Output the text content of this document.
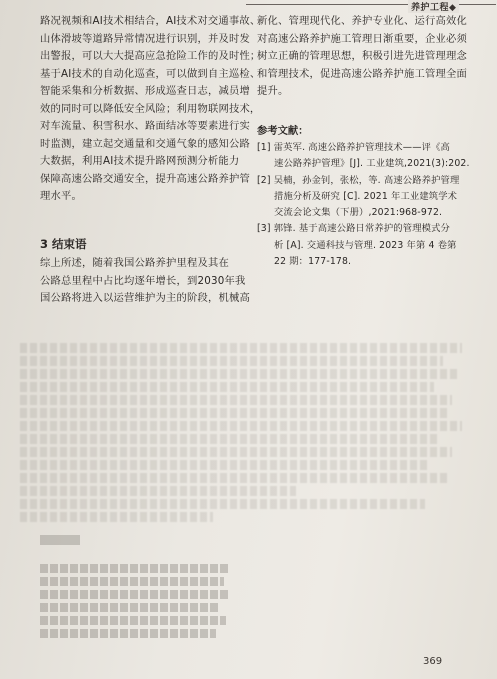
养护工程◆

路况视频和AI技术相结合，AI技术对交通事故、

山体滑坡等道路异常情况进行识别，并及时发

出警报，可以大大提高应急抢险工作的及时性；

基于AI技术的自动化巡查，可以做到自主巡检、

智能采集和分析数据、形成巡查日志，减员增

效的同时可以降低安全风险；利用物联网技术，

对车流量、积雪积水、路面结冰等要素进行实

时监测，建立起交通量和交通气象的感知公路

大数据，利用AI技术提升路网预测分析能力

保障高速公路交通安全，提升高速公路养护管

理水平。

3 结束语

综上所述，随着我国公路养护里程及其在

公路总里程中占比均逐年增长，到2030年我

国公路将进入以运营维护为主的阶段，机械高

新化、管理现代化、养护专业化、运行高效化

对高速公路养护施工管理日渐重要，企业必须

树立正确的管理思想，积极引进先进管理理念

和管理技术，促进高速公路养护施工管理全面

提升。

参考文献：

[1] 雷英军. 高速公路养护管理技术——评《高

速公路养护管理》[J]. 工业建筑,2021(3):202.

[2] 吴楠，孙金钊，张松，等. 高速公路养护管理

措施分析及研究 [C]. 2021 年工业建筑学术

交流会论文集（下册）,2021:968-972.

[3] 郭锋. 基于高速公路日常养护的管理模式分

析 [A]. 交通科技与管理. 2023 年第 4 卷第

22 期：177-178.

369
